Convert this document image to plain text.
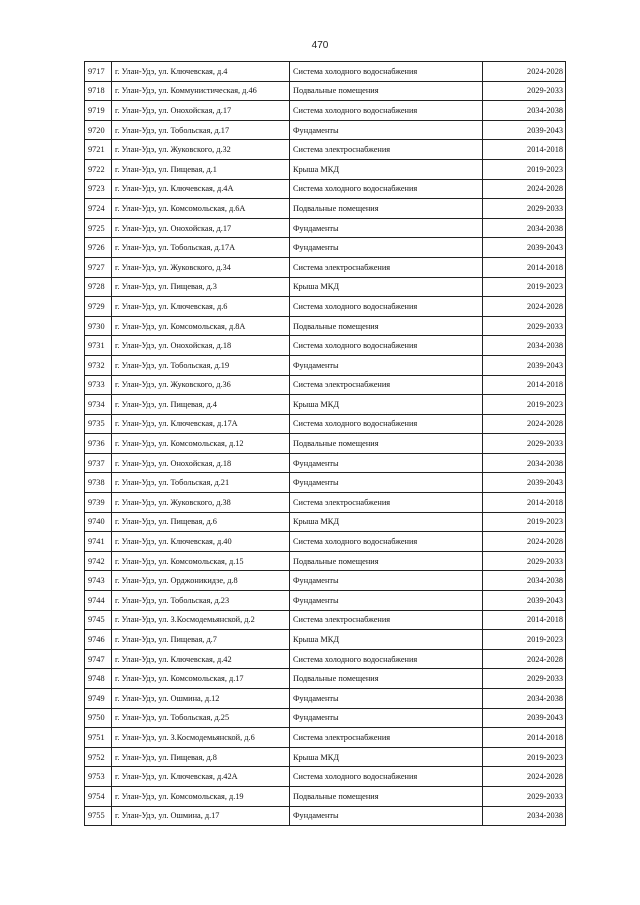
470
9717	г. Улан-Удэ, ул. Ключевская, д.4	Система холодного водоснабжения	2024-2028
9718	г. Улан-Удэ, ул. Коммунистическая, д.46	Подвальные помещения	2029-2033
9719	г. Улан-Удэ, ул. Онохойская, д.17	Система холодного водоснабжения	2034-2038
9720	г. Улан-Удэ, ул. Тобольская, д.17	Фундаменты	2039-2043
9721	г. Улан-Удэ, ул. Жуковского, д.32	Система электроснабжения	2014-2018
9722	г. Улан-Удэ, ул. Пищевая, д.1	Крыша МКД	2019-2023
9723	г. Улан-Удэ, ул. Ключевская, д.4А	Система холодного водоснабжения	2024-2028
9724	г. Улан-Удэ, ул. Комсомольская, д.6А	Подвальные помещения	2029-2033
9725	г. Улан-Удэ, ул. Онохойская, д.17	Фундаменты	2034-2038
9726	г. Улан-Удэ, ул. Тобольская, д.17А	Фундаменты	2039-2043
9727	г. Улан-Удэ, ул. Жуковского, д.34	Система электроснабжения	2014-2018
9728	г. Улан-Удэ, ул. Пищевая, д.3	Крыша МКД	2019-2023
9729	г. Улан-Удэ, ул. Ключевская, д.6	Система холодного водоснабжения	2024-2028
9730	г. Улан-Удэ, ул. Комсомольская, д.8А	Подвальные помещения	2029-2033
9731	г. Улан-Удэ, ул. Онохойская, д.18	Система холодного водоснабжения	2034-2038
9732	г. Улан-Удэ, ул. Тобольская, д.19	Фундаменты	2039-2043
9733	г. Улан-Удэ, ул. Жуковского, д.36	Система электроснабжения	2014-2018
9734	г. Улан-Удэ, ул. Пищевая, д.4	Крыша МКД	2019-2023
9735	г. Улан-Удэ, ул. Ключевская, д.17А	Система холодного водоснабжения	2024-2028
9736	г. Улан-Удэ, ул. Комсомольская, д.12	Подвальные помещения	2029-2033
9737	г. Улан-Удэ, ул. Онохойская, д.18	Фундаменты	2034-2038
9738	г. Улан-Удэ, ул. Тобольская, д.21	Фундаменты	2039-2043
9739	г. Улан-Удэ, ул. Жуковского, д.38	Система электроснабжения	2014-2018
9740	г. Улан-Удэ, ул. Пищевая, д.6	Крыша МКД	2019-2023
9741	г. Улан-Удэ, ул. Ключевская, д.40	Система холодного водоснабжения	2024-2028
9742	г. Улан-Удэ, ул. Комсомольская, д.15	Подвальные помещения	2029-2033
9743	г. Улан-Удэ, ул. Орджоникидзе, д.8	Фундаменты	2034-2038
9744	г. Улан-Удэ, ул. Тобольская, д.23	Фундаменты	2039-2043
9745	г. Улан-Удэ, ул. З.Космодемьянской, д.2	Система электроснабжения	2014-2018
9746	г. Улан-Удэ, ул. Пищевая, д.7	Крыша МКД	2019-2023
9747	г. Улан-Удэ, ул. Ключевская, д.42	Система холодного водоснабжения	2024-2028
9748	г. Улан-Удэ, ул. Комсомольская, д.17	Подвальные помещения	2029-2033
9749	г. Улан-Удэ, ул. Ошмина, д.12	Фундаменты	2034-2038
9750	г. Улан-Удэ, ул. Тобольская, д.25	Фундаменты	2039-2043
9751	г. Улан-Удэ, ул. З.Космодемьянской, д.6	Система электроснабжения	2014-2018
9752	г. Улан-Удэ, ул. Пищевая, д.8	Крыша МКД	2019-2023
9753	г. Улан-Удэ, ул. Ключевская, д.42А	Система холодного водоснабжения	2024-2028
9754	г. Улан-Удэ, ул. Комсомольская, д.19	Подвальные помещения	2029-2033
9755	г. Улан-Удэ, ул. Ошмина, д.17	Фундаменты	2034-2038
